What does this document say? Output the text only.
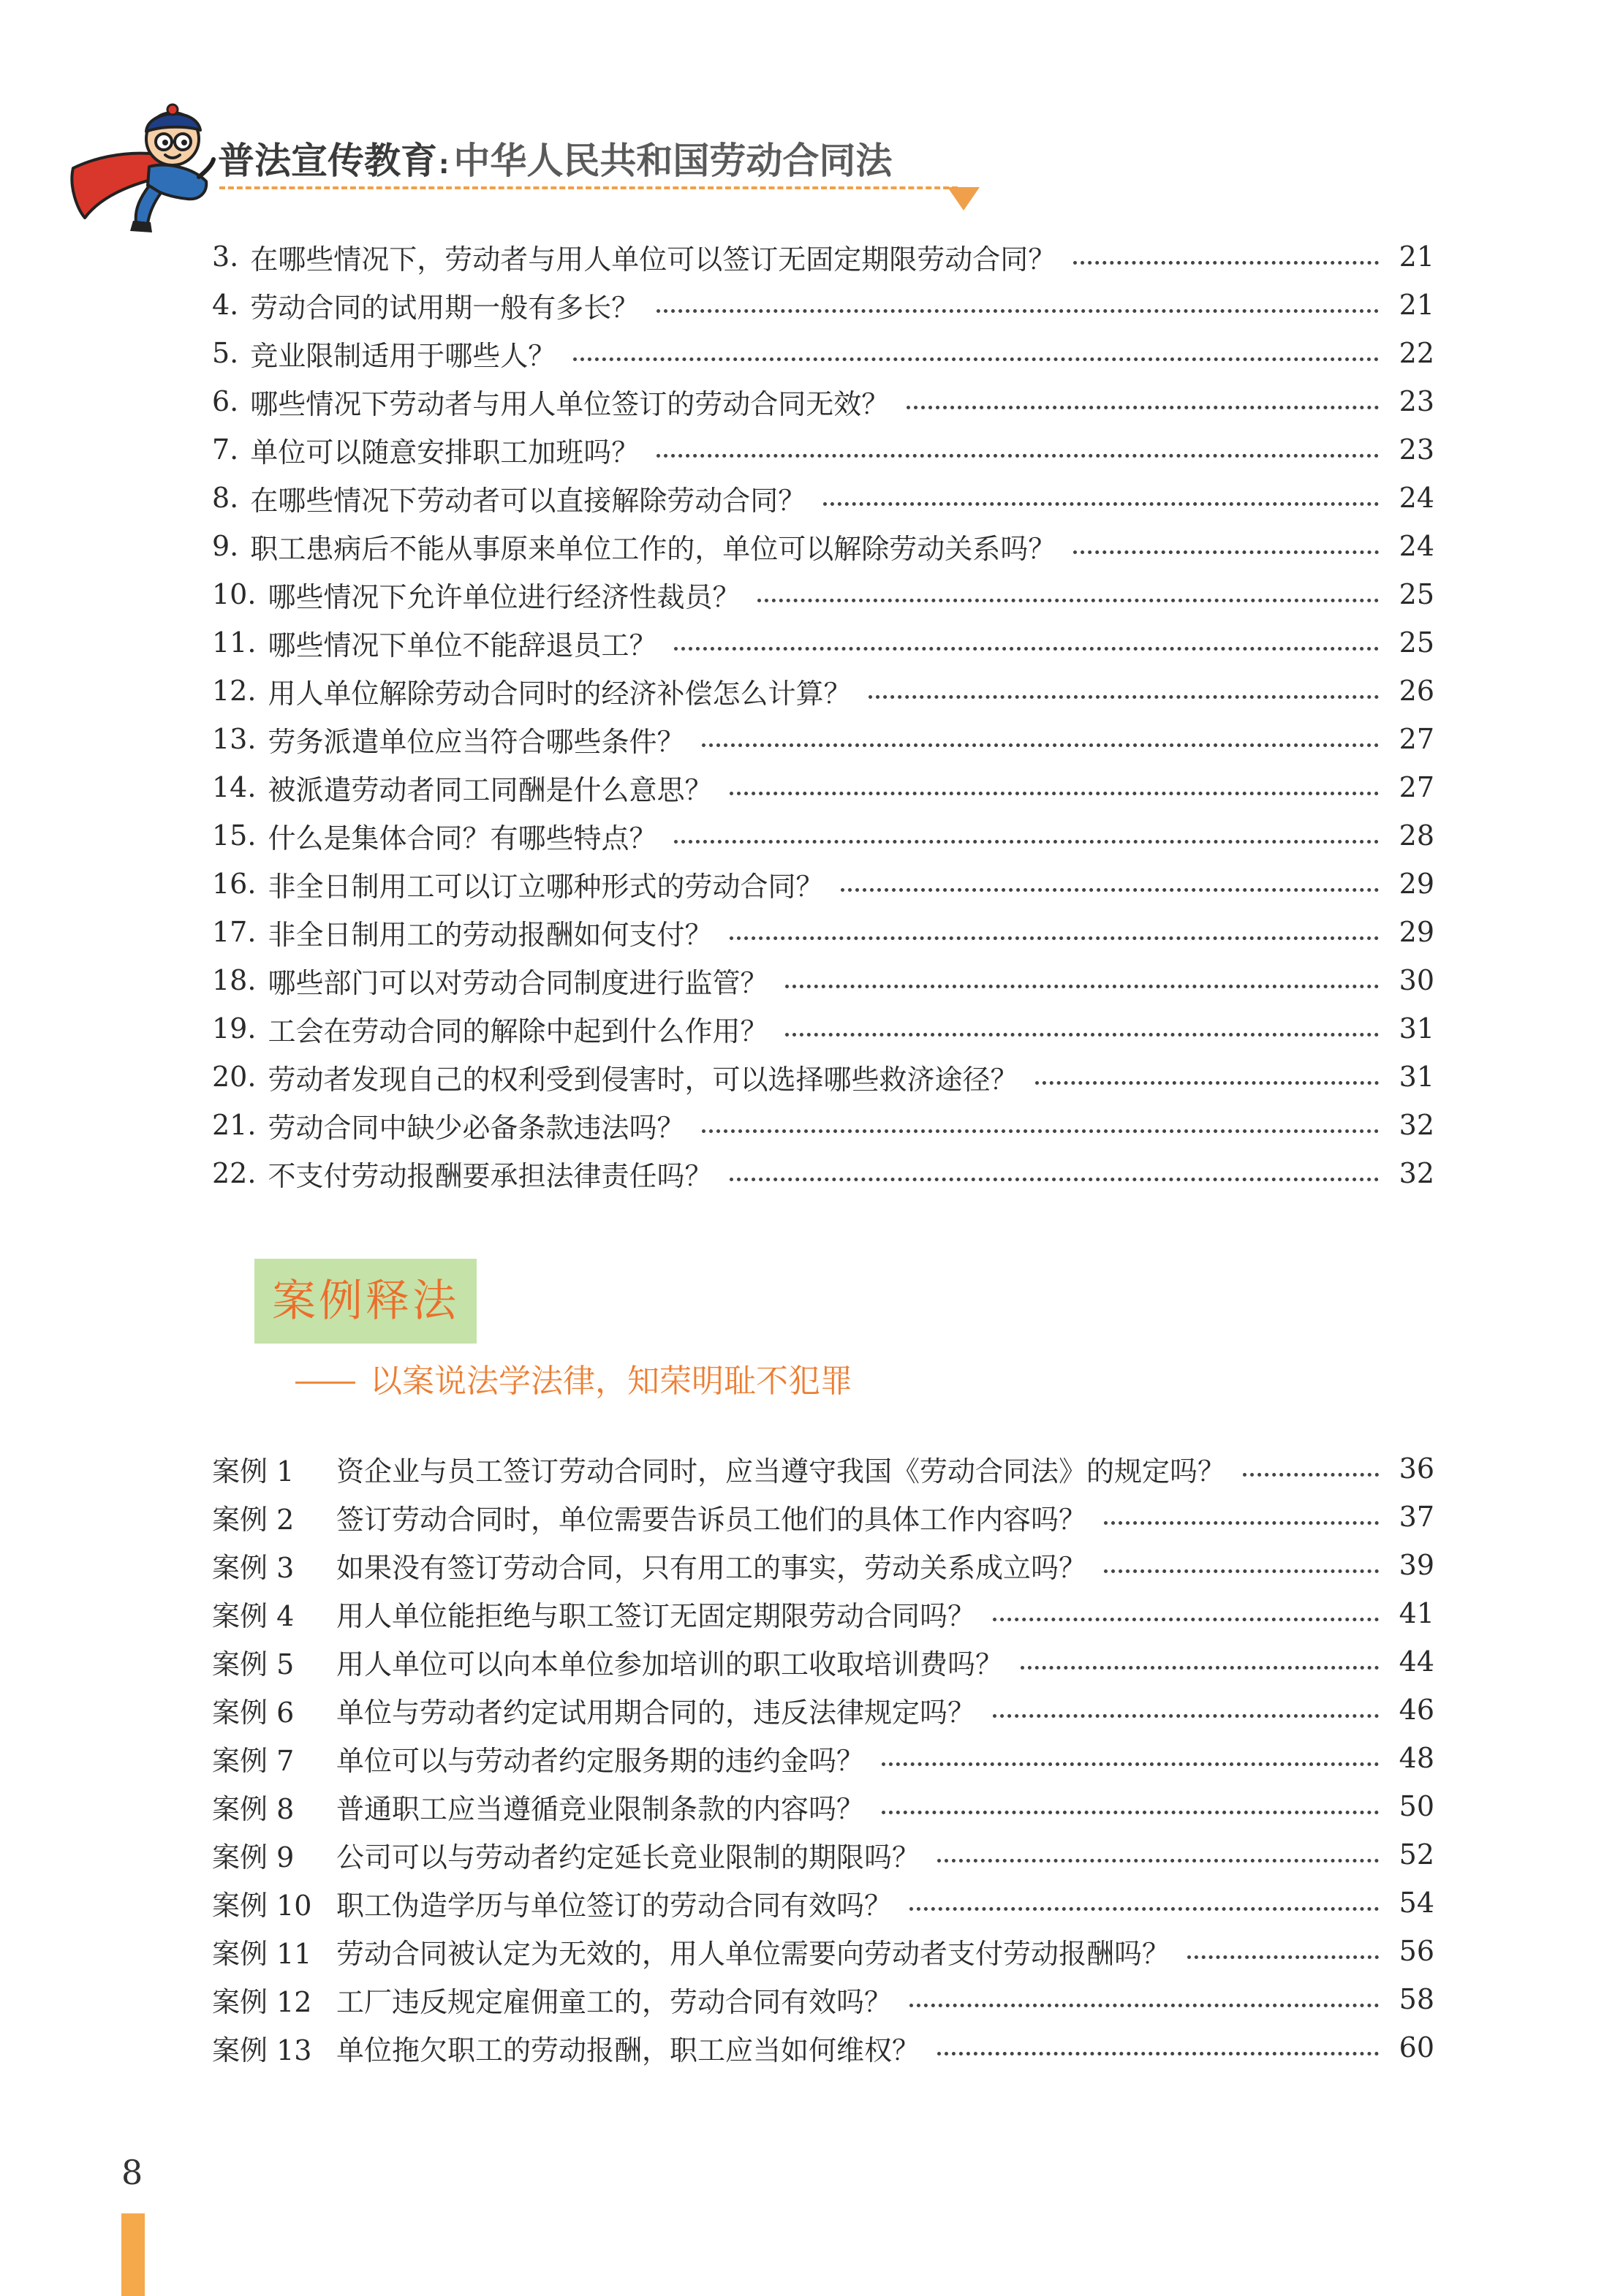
普法宣传教育: 中华人民共和国劳动合同法
3. 在哪些情况下，劳动者与用人单位可以签订无固定期限劳动合同？	21
4. 劳动合同的试用期一般有多长？	21
5. 竞业限制适用于哪些人？	22
6. 哪些情况下劳动者与用人单位签订的劳动合同无效？	23
7. 单位可以随意安排职工加班吗？	23
8. 在哪些情况下劳动者可以直接解除劳动合同？	24
9. 职工患病后不能从事原来单位工作的，单位可以解除劳动关系吗？	24
10. 哪些情况下允许单位进行经济性裁员？	25
11. 哪些情况下单位不能辞退员工？	25
12. 用人单位解除劳动合同时的经济补偿怎么计算？	26
13. 劳务派遣单位应当符合哪些条件？	27
14. 被派遣劳动者同工同酬是什么意思？	27
15. 什么是集体合同？有哪些特点？	28
16. 非全日制用工可以订立哪种形式的劳动合同？	29
17. 非全日制用工的劳动报酬如何支付？	29
18. 哪些部门可以对劳动合同制度进行监管？	30
19. 工会在劳动合同的解除中起到什么作用？	31
20. 劳动者发现自己的权利受到侵害时，可以选择哪些救济途径？	31
21. 劳动合同中缺少必备条款违法吗？	32
22. 不支付劳动报酬要承担法律责任吗？	32
案例释法
以案说法学法律，知荣明耻不犯罪
案例 1	资企业与员工签订劳动合同时，应当遵守我国《劳动合同法》的规定吗？	36
案例 2	签订劳动合同时，单位需要告诉员工他们的具体工作内容吗？	37
案例 3	如果没有签订劳动合同，只有用工的事实，劳动关系成立吗？	39
案例 4	用人单位能拒绝与职工签订无固定期限劳动合同吗？	41
案例 5	用人单位可以向本单位参加培训的职工收取培训费吗？	44
案例 6	单位与劳动者约定试用期合同的，违反法律规定吗？	46
案例 7	单位可以与劳动者约定服务期的违约金吗？	48
案例 8	普通职工应当遵循竞业限制条款的内容吗？	50
案例 9	公司可以与劳动者约定延长竞业限制的期限吗？	52
案例 10 职工伪造学历与单位签订的劳动合同有效吗？	54
案例 11 劳动合同被认定为无效的，用人单位需要向劳动者支付劳动报酬吗？	56
案例 12 工厂违反规定雇佣童工的，劳动合同有效吗？	58
案例 13 单位拖欠职工的劳动报酬，职工应当如何维权？	60
8
